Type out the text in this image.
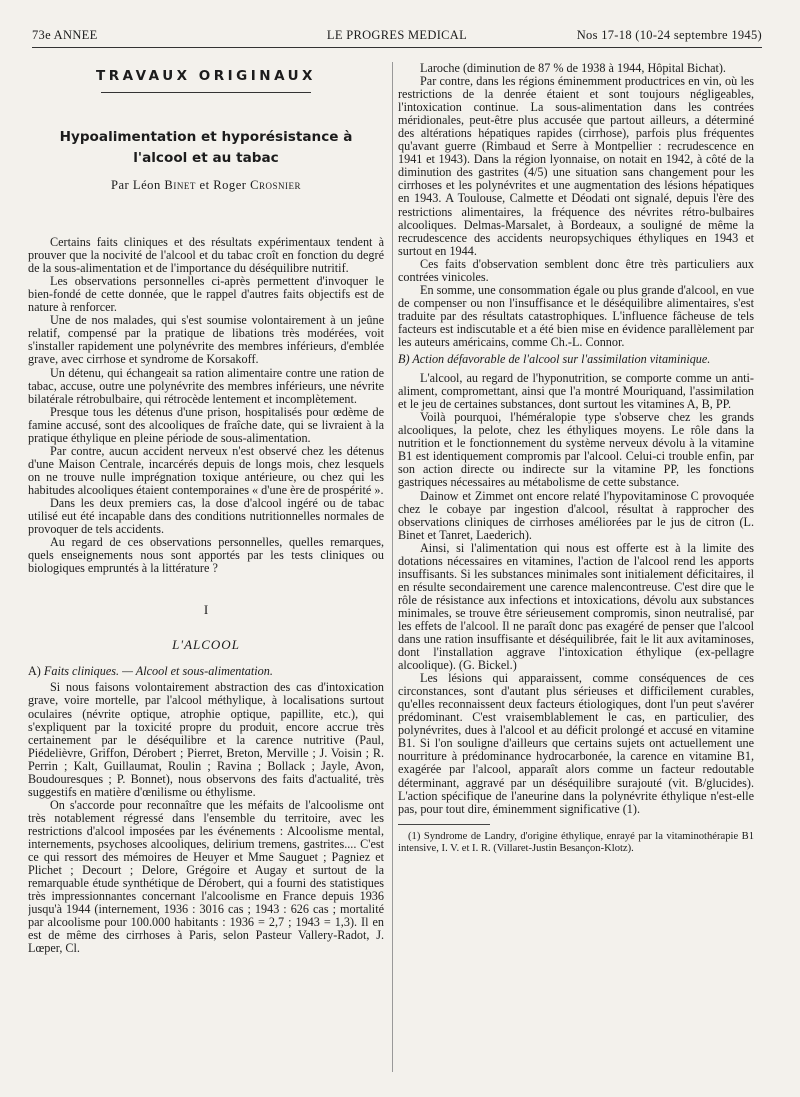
73e ANNEE	LE PROGRES MEDICAL	Nos 17-18 (10-24 septembre 1945)
TRAVAUX ORIGINAUX
Hypoalimentation et hyporésistance à l'alcool et au tabac
Par Léon Binet et Roger Crosnier

Certains faits cliniques et des résultats expérimentaux tendent à prouver que la nocivité de l'alcool et du tabac croît en fonction du degré de la sous-alimentation et de l'importance du déséquilibre nutritif.

Les observations personnelles ci-après permettent d'invoquer le bien-fondé de cette donnée, que le rappel d'autres faits objectifs est de nature à renforcer.

Une de nos malades, qui s'est soumise volontairement à un jeûne relatif, compensé par la pratique de libations très modérées, voit s'installer rapidement une polynévrite des membres inférieurs, d'emblée grave, avec cirrhose et syndrome de Korsakoff.

Un détenu, qui échangeait sa ration alimentaire contre une ration de tabac, accuse, outre une polynévrite des membres inférieurs, une névrite bilatérale rétrobulbaire, qui rétrocède lentement et incomplètement.

Presque tous les détenus d'une prison, hospitalisés pour œdème de famine accusé, sont des alcooliques de fraîche date, qui se livraient à la pratique éthylique en pleine période de sous-alimentation.

Par contre, aucun accident nerveux n'est observé chez les détenus d'une Maison Centrale, incarcérés depuis de longs mois, chez lesquels on ne trouve nulle imprégnation toxique antérieure, ou chez qui les habitudes alcooliques étaient contemporaines « d'une ère de prospérité ».

Dans les deux premiers cas, la dose d'alcool ingéré ou de tabac utilisé eut été incapable dans des conditions nutritionnelles normales de provoquer de tels accidents.

Au regard de ces observations personnelles, quelles remarques, quels enseignements nous sont apportés par les tests cliniques ou biologiques empruntés à la littérature ?

I
L'ALCOOL

A) Faits cliniques. — Alcool et sous-alimentation.

Si nous faisons volontairement abstraction des cas d'intoxication grave, voire mortelle, par l'alcool méthylique, à localisations surtout oculaires (névrite optique, atrophie optique, papillite, etc.), qui s'expliquent par la toxicité propre du produit, encore accrue très certainement par le déséquilibre et la carence nutritive (Paul, Piédelièvre, Griffon, Dérobert ; Pierret, Breton, Merville ; J. Voisin ; R. Perrin ; Kalt, Guillaumat, Roulin ; Ravina ; Bollack ; Jayle, Avon, Boudouresques ; P. Bonnet), nous observons des faits d'actualité, très suggestifs en matière d'œnilisme ou éthylisme.

On s'accorde pour reconnaître que les méfaits de l'alcoolisme ont très notablement régressé dans l'ensemble du territoire, avec les restrictions d'alcool imposées par les événements : Alcoolisme mental, internements, psychoses alcooliques, delirium tremens, gastrites.... C'est ce qui ressort des mémoires de Heuyer et Mme Sauguet ; Pagniez et Plichet ; Decourt ; Delore, Grégoire et Augay et surtout de la remarquable étude synthétique de Dérobert, qui a fourni des statistiques très impressionnantes concernant l'alcoolisme en France depuis 1936 jusqu'à 1944 (internement, 1936 : 3016 cas ; 1943 : 626 cas ; mortalité par alcoolisme pour 100.000 habitants : 1936 = 2,7 ; 1943 = 1,3). Il en est de même des cirrhoses à Paris, selon Pasteur Vallery-Radot, J. Lœper, Cl.

Laroche (diminution de 87 % de 1938 à 1944, Hôpital Bichat).

Par contre, dans les régions éminemment productrices en vin, où les restrictions de la denrée étaient et sont toujours négligeables, l'intoxication continue. La sous-alimentation dans les contrées méridionales, peut-être plus accusée que partout ailleurs, a déterminé des altérations hépatiques rapides (cirrhose), parfois plus fréquentes qu'avant guerre (Rimbaud et Serre à Montpellier : recrudescence en 1941 et 1943). Dans la région lyonnaise, on notait en 1942, à côté de la diminution des gastrites (4/5) une situation sans changement pour les cirrhoses et les polynévrites et une augmentation des lésions hépatiques en 1943. A Toulouse, Calmette et Déodati ont signalé, depuis l'ère des restrictions alimentaires, la fréquence des névrites rétro-bulbaires alcooliques. Delmas-Marsalet, à Bordeaux, a souligné de même la recrudescence des accidents neuropsychiques éthyliques en 1943 et surtout en 1944.

Ces faits d'observation semblent donc être très particuliers aux contrées vinicoles.

En somme, une consommation égale ou plus grande d'alcool, en vue de compenser ou non l'insuffisance et le déséquilibre alimentaires, s'est traduite par des résultats catastrophiques. L'influence fâcheuse de tels facteurs est indiscutable et a été bien mise en évidence parallèlement par les auteurs américains, comme Ch.-L. Connor.

B) Action défavorable de l'alcool sur l'assimilation vitaminique.

L'alcool, au regard de l'hyponutrition, se comporte comme un anti-aliment, compromettant, ainsi que l'a montré Mouriquand, l'assimilation et le jeu de certaines substances, dont surtout les vitamines A, B, PP.

Voilà pourquoi, l'héméralopie type s'observe chez les grands alcooliques, la pelote, chez les éthyliques moyens. Le rôle dans la nutrition et le fonctionnement du système nerveux dévolu à la vitamine B1 est identiquement compromis par l'alcool. Celui-ci trouble enfin, par son action directe ou indirecte sur la vitamine PP, les fonctions gastriques nécessaires au métabolisme de cette substance.

Dainow et Zimmet ont encore relaté l'hypovitaminose C provoquée chez le cobaye par ingestion d'alcool, résultat à rapprocher des observations cliniques de cirrhoses améliorées par le jus de citron (L. Binet et Tanret, Laederich).

Ainsi, si l'alimentation qui nous est offerte est à la limite des dotations nécessaires en vitamines, l'action de l'alcool rend les apports insuffisants. Si les substances minimales sont initialement déficitaires, il en résulte secondairement une carence malencontreuse. C'est dire que le rôle de résistance aux infections et intoxications, dévolu aux substances minimales, se trouve être sérieusement compromis, sinon neutralisé, par les effets de l'alcool. Il ne paraît donc pas exagéré de penser que l'alcool dans une ration insuffisante et déséquilibrée, fait le lit aux avitaminoses, dont l'installation aggrave l'intoxication éthylique (ex-pellagre alcoolique). (G. Bickel.)

Les lésions qui apparaissent, comme conséquences de ces circonstances, sont d'autant plus sérieuses et difficilement curables, qu'elles reconnaissent deux facteurs étiologiques, dont l'un peut s'avérer prédominant. C'est vraisemblablement le cas, en particulier, des polynévrites, dues à l'alcool et au déficit prolongé et accusé en vitamine B1. Si l'on souligne d'ailleurs que certains sujets ont actuellement une nourriture à prédominance hydrocarbonée, la carence en vitamine B1, exagérée par l'alcool, apparaît alors comme un facteur redoutable déterminant, aggravé par un déséquilibre surajouté (vit. B/glucides). L'action spécifique de l'aneurine dans la polynévrite éthylique n'est-elle pas, pour tout dire, éminemment significative (1).

(1) Syndrome de Landry, d'origine éthylique, enrayé par la vitaminothérapie B1 intensive, I. V. et I. R. (Villaret-Justin Besançon-Klotz).
